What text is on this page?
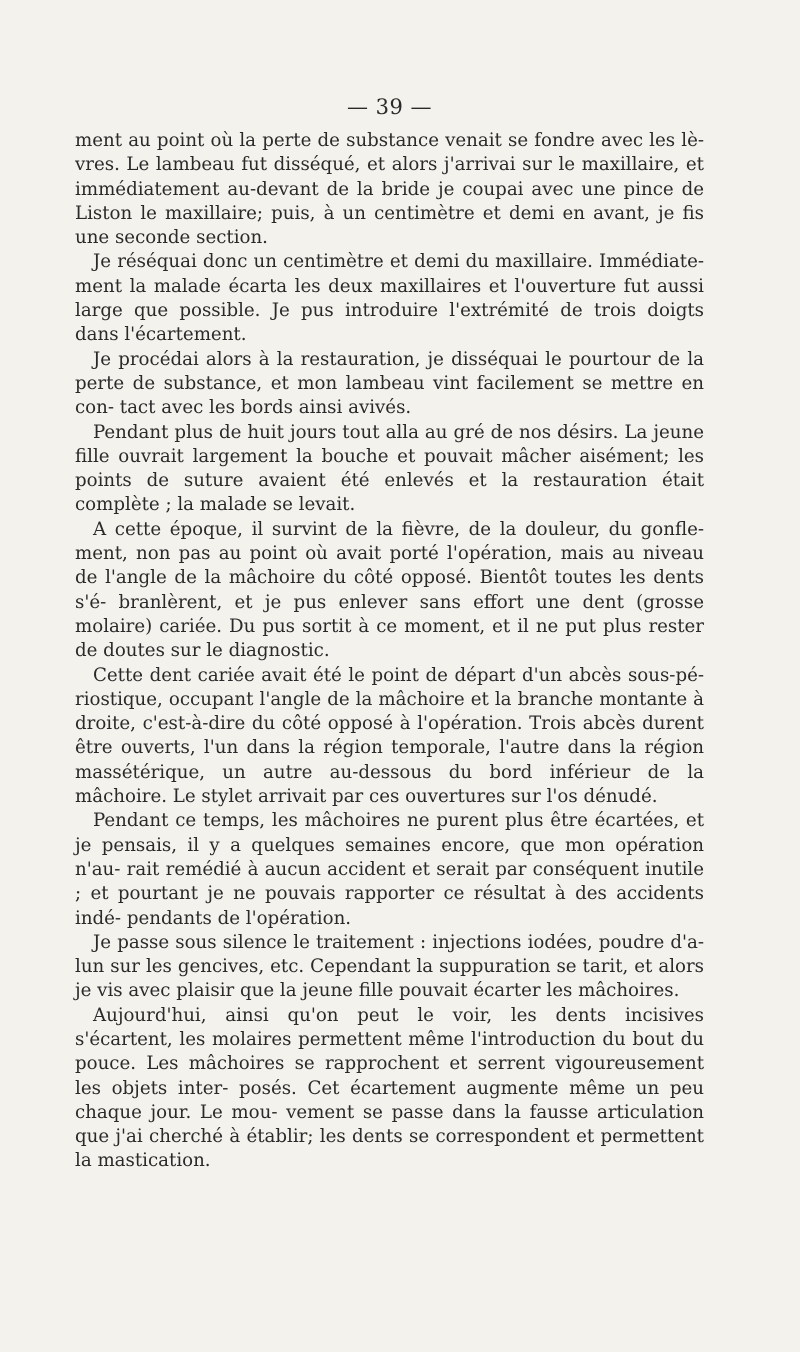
— 39 —

ment au point où la perte de substance venait se fondre avec les lè- vres. Le lambeau fut disséqué, et alors j'arrivai sur le maxillaire, et immédiatement au-devant de la bride je coupai avec une pince de Liston le maxillaire; puis, à un centimètre et demi en avant, je fis une seconde section.

Je réséquai donc un centimètre et demi du maxillaire. Immédiate- ment la malade écarta les deux maxillaires et l'ouverture fut aussi large que possible. Je pus introduire l'extrémité de trois doigts dans l'écartement.

Je procédai alors à la restauration, je disséquai le pourtour de la perte de substance, et mon lambeau vint facilement se mettre en con- tact avec les bords ainsi avivés.

Pendant plus de huit jours tout alla au gré de nos désirs. La jeune fille ouvrait largement la bouche et pouvait mâcher aisément; les points de suture avaient été enlevés et la restauration était complète ; la malade se levait.

A cette époque, il survint de la fièvre, de la douleur, du gonfle- ment, non pas au point où avait porté l'opération, mais au niveau de l'angle de la mâchoire du côté opposé. Bientôt toutes les dents s'é- branlèrent, et je pus enlever sans effort une dent (grosse molaire) cariée. Du pus sortit à ce moment, et il ne put plus rester de doutes sur le diagnostic.

Cette dent cariée avait été le point de départ d'un abcès sous-pé- riostique, occupant l'angle de la mâchoire et la branche montante à droite, c'est-à-dire du côté opposé à l'opération. Trois abcès durent être ouverts, l'un dans la région temporale, l'autre dans la région massétérique, un autre au-dessous du bord inférieur de la mâchoire. Le stylet arrivait par ces ouvertures sur l'os dénudé.

Pendant ce temps, les mâchoires ne purent plus être écartées, et je pensais, il y a quelques semaines encore, que mon opération n'au- rait remédié à aucun accident et serait par conséquent inutile ; et pourtant je ne pouvais rapporter ce résultat à des accidents indé- pendants de l'opération.

Je passe sous silence le traitement : injections iodées, poudre d'a- lun sur les gencives, etc. Cependant la suppuration se tarit, et alors je vis avec plaisir que la jeune fille pouvait écarter les mâchoires.

Aujourd'hui, ainsi qu'on peut le voir, les dents incisives s'écartent, les molaires permettent même l'introduction du bout du pouce. Les mâchoires se rapprochent et serrent vigoureusement les objets inter- posés. Cet écartement augmente même un peu chaque jour. Le mou- vement se passe dans la fausse articulation que j'ai cherché à établir; les dents se correspondent et permettent la mastication.
